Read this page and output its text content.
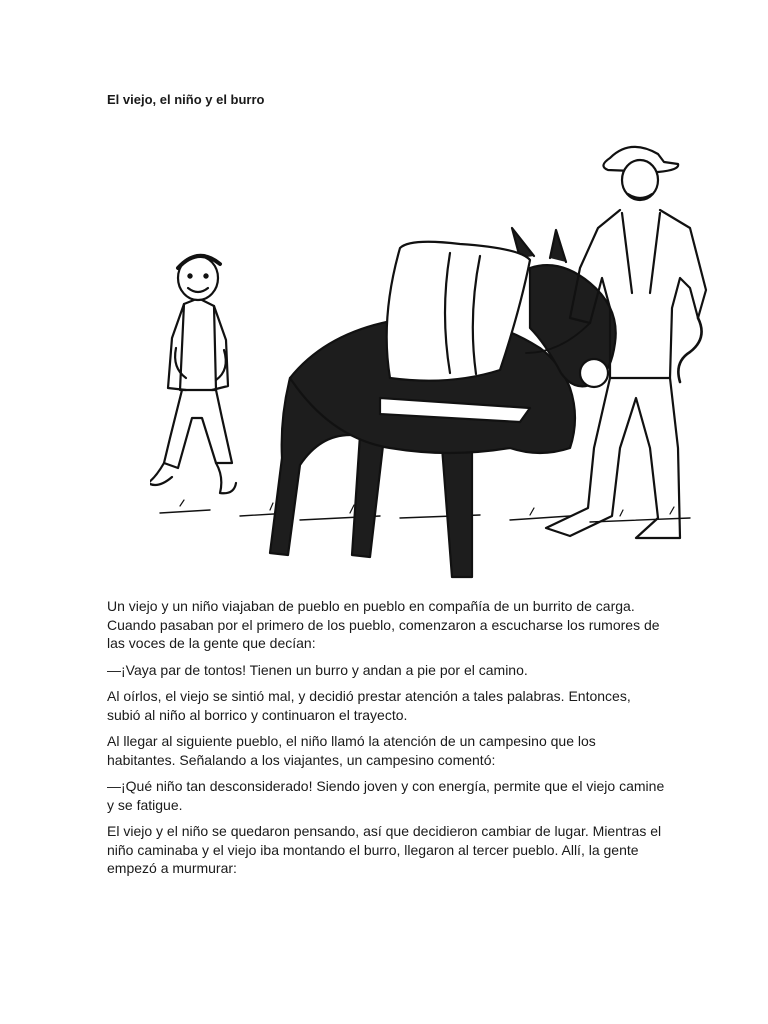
El viejo, el niño y el burro

Un viejo y un niño viajaban de pueblo en pueblo en compañía de un burrito de carga. Cuando pasaban por el primero de los pueblo, comenzaron a escucharse los rumores de las voces de la gente que decían:

—¡Vaya par de tontos! Tienen un burro y andan a pie por el camino.

Al oírlos, el viejo se sintió mal, y decidió prestar atención a tales palabras. Entonces, subió al niño al borrico y continuaron el trayecto.

Al llegar al siguiente pueblo, el niño llamó la atención de un campesino que los habitantes. Señalando a los viajantes, un campesino comentó:

—¡Qué niño tan desconsiderado! Siendo joven y con energía, permite que el viejo camine y se fatigue.

El viejo y el niño se quedaron pensando, así que decidieron cambiar de lugar. Mientras el niño caminaba y el viejo iba montando el burro, llegaron al tercer pueblo. Allí, la gente empezó a murmurar:
